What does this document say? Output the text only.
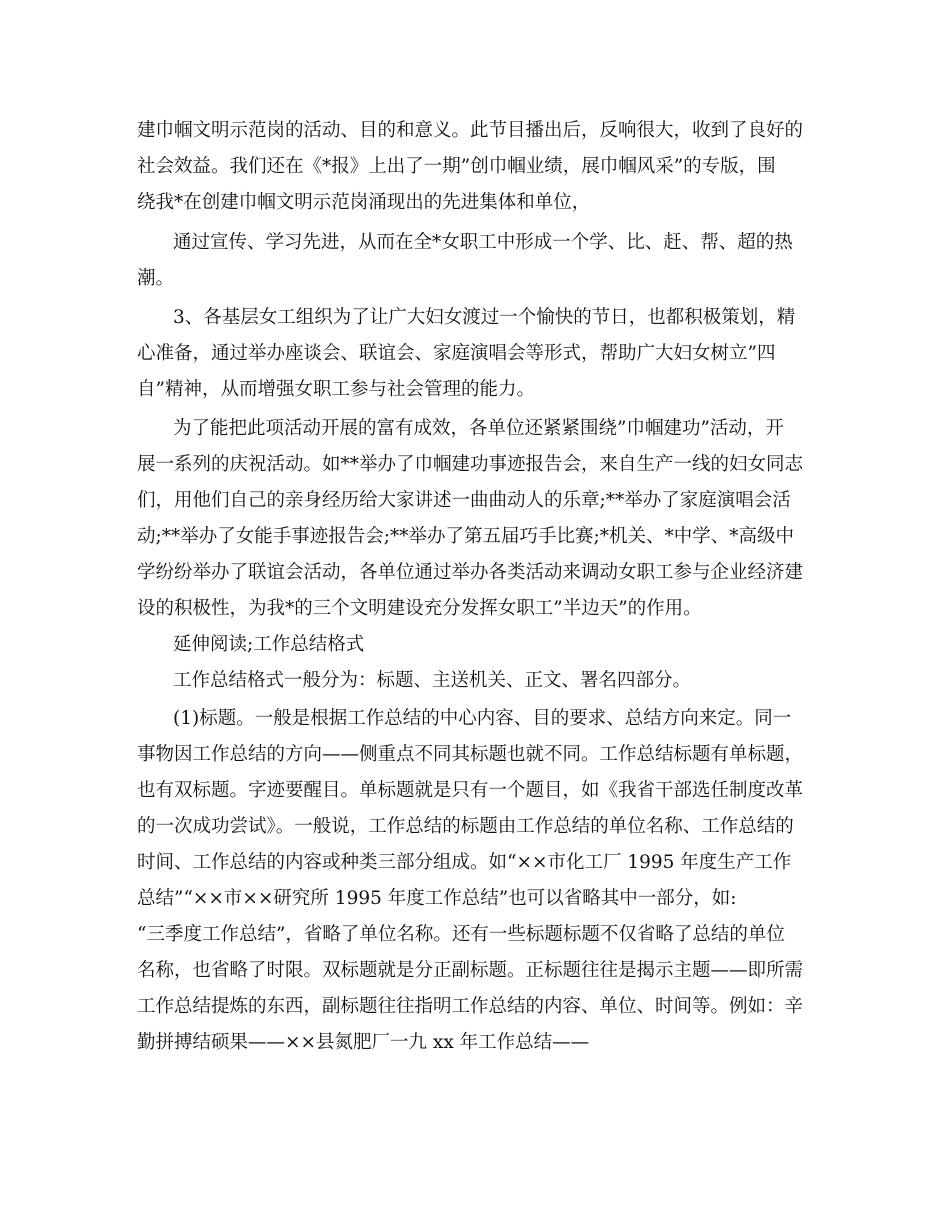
建巾帼文明示范岗的活动、目的和意义。此节目播出后，反响很大，收到了良好的
社会效益。我们还在《*报》上出了一期”创巾帼业绩，展巾帼风采”的专版，围
绕我*在创建巾帼文明示范岗涌现出的先进集体和单位，
通过宣传、学习先进，从而在全*女职工中形成一个学、比、赶、帮、超的热
潮。
3、各基层女工组织为了让广大妇女渡过一个愉快的节日，也都积极策划，精
心准备，通过举办座谈会、联谊会、家庭演唱会等形式，帮助广大妇女树立”四
自”精神，从而增强女职工参与社会管理的能力。
为了能把此项活动开展的富有成效，各单位还紧紧围绕”巾帼建功”活动，开
展一系列的庆祝活动。如**举办了巾帼建功事迹报告会，来自生产一线的妇女同志
们，用他们自己的亲身经历给大家讲述一曲曲动人的乐章;**举办了家庭演唱会活
动;**举办了女能手事迹报告会;**举办了第五届巧手比赛;*机关、*中学、*高级中
学纷纷举办了联谊会活动，各单位通过举办各类活动来调动女职工参与企业经济建
设的积极性，为我*的三个文明建设充分发挥女职工”半边天”的作用。
延伸阅读;工作总结格式
工作总结格式一般分为：标题、主送机关、正文、署名四部分。
(1)标题。一般是根据工作总结的中心内容、目的要求、总结方向来定。同一
事物因工作总结的方向——侧重点不同其标题也就不同。工作总结标题有单标题，
也有双标题。字迹要醒目。单标题就是只有一个题目，如《我省干部选任制度改革
的一次成功尝试》。一般说，工作总结的标题由工作总结的单位名称、工作总结的
时间、工作总结的内容或种类三部分组成。如“××市化工厂 1995 年度生产工作
总结”“××市××研究所 1995 年度工作总结”也可以省略其中一部分，如:
“三季度工作总结”，省略了单位名称。还有一些标题标题不仅省略了总结的单位
名称，也省略了时限。双标题就是分正副标题。正标题往往是揭示主题——即所需
工作总结提炼的东西，副标题往往指明工作总结的内容、单位、时间等。例如：辛
勤拼搏结硕果——××县氮肥厂一九 xx 年工作总结——
